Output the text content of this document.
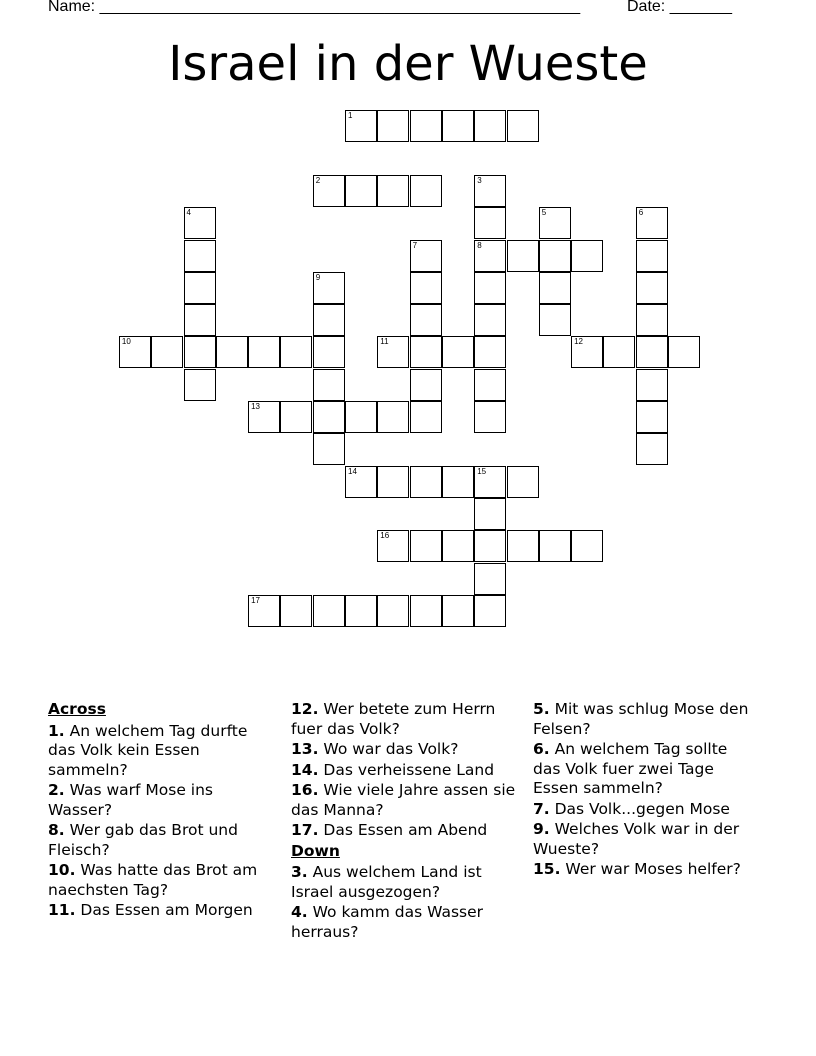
Name: ______________________________________________________	Date: _______
Israel in der Wueste
1
2	3
4	5	6
7	8
9
10	11	12
13
14	15
16
17
Across
1. An welchem Tag durfte das Volk kein Essen sammeln?
2. Was warf Mose ins Wasser?
8. Wer gab das Brot und Fleisch?
10. Was hatte das Brot am naechsten Tag?
11. Das Essen am Morgen
12. Wer betete zum Herrn fuer das Volk?
13. Wo war das Volk?
14. Das verheissene Land
16. Wie viele Jahre assen sie das Manna?
17. Das Essen am Abend
Down
3. Aus welchem Land ist Israel ausgezogen?
4. Wo kamm das Wasser herraus?
5. Mit was schlug Mose den Felsen?
6. An welchem Tag sollte das Volk fuer zwei Tage Essen sammeln?
7. Das Volk...gegen Mose
9. Welches Volk war in der Wueste?
15. Wer war Moses helfer?
